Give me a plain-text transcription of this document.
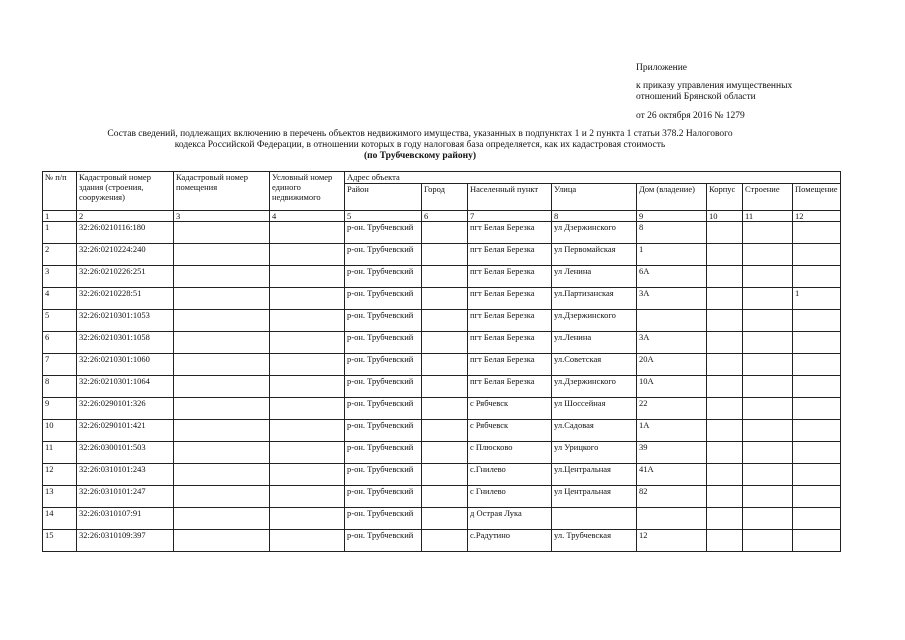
Приложение
к приказу управления имущественных
отношений Брянской области
от 26 октября 2016 № 1279
Состав сведений, подлежащих включению в перечень объектов недвижимого имущества, указанных в подпунктах 1 и 2 пункта 1 статьи 378.2 Налогового
кодекса Российской Федерации, в отношении которых в году налоговая база определяется, как их кадастровая стоимость
(по Трубчевскому району)
№ п/п	Кадастровый номер здания (строения, сооружения)	Кадастровый номер помещения	Условный номер единого недвижимого	Адрес объекта							
				Район	Город	Населенный пункт	Улица	Дом (владение)	Корпус	Строение	Помещение
1	2	3	4	5	6	7	8	9	10	11	12
1	32:26:0210116:180			р-он. Трубчевский		пгт Белая Березка	ул Дзержинского	8			
2	32:26:0210224:240			р-он. Трубчевский		пгт Белая Березка	ул Первомайская	1			
3	32:26:0210226:251			р-он. Трубчевский		пгт Белая Березка	ул Ленина	6А			
4	32:26:0210228:51			р-он. Трубчевский		пгт Белая Березка	ул.Партизанская	3А			1
5	32:26:0210301:1053			р-он. Трубчевский		пгт Белая Березка	ул.Дзержинского				
6	32:26:0210301:1058			р-он. Трубчевский		пгт Белая Березка	ул.Ленина	3А			
7	32:26:0210301:1060			р-он. Трубчевский		пгт Белая Березка	ул.Советская	20А			
8	32:26:0210301:1064			р-он. Трубчевский		пгт Белая Березка	ул.Дзержинского	10А			
9	32:26:0290101:326			р-он. Трубчевский		с Рябчевск	ул Шоссейная	22			
10	32:26:0290101:421			р-он. Трубчевский		с Рябчевск	ул.Садовая	1А			
11	32:26:0300101:503			р-он. Трубчевский		с Плюсково	ул Урицкого	39			
12	32:26:0310101:243			р-он. Трубчевский		с.Гнилево	ул.Центральная	41А			
13	32:26:0310101:247			р-он. Трубчевский		с Гнилево	ул Центральная	82			
14	32:26:0310107:91			р-он. Трубчевский		д Острая Лука					
15	32:26:0310109:397			р-он. Трубчевский		с.Радутино	ул. Трубчевская	12			
